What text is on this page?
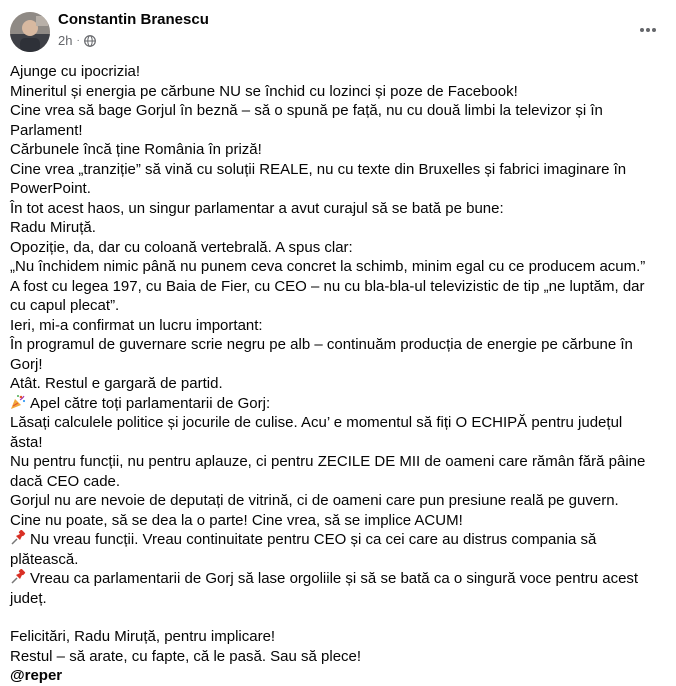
Constantin Branescu
2h ·
Ajunge cu ipocrizia!
Mineritul și energia pe cărbune NU se închid cu lozinci și poze de Facebook!
Cine vrea să bage Gorjul în beznă – să o spună pe față, nu cu două limbi la televizor și în Parlament!
Cărbunele încă ține România în priză!
Cine vrea „tranziție” să vină cu soluții REALE, nu cu texte din Bruxelles și fabrici imaginare în PowerPoint.
În tot acest haos, un singur parlamentar a avut curajul să se bată pe bune:
Radu Miruță.
Opoziție, da, dar cu coloană vertebrală. A spus clar:
„Nu închidem nimic până nu punem ceva concret la schimb, minim egal cu ce producem acum.”
A fost cu legea 197, cu Baia de Fier, cu CEO – nu cu bla-bla-ul televizistic de tip „ne luptăm, dar cu capul plecat”.
Ieri, mi-a confirmat un lucru important:
În programul de guvernare scrie negru pe alb – continuăm producția de energie pe cărbune în Gorj!
Atât. Restul e gargară de partid.
Apel către toți parlamentarii de Gorj:
Lăsați calculele politice și jocurile de culise. Acu’ e momentul să fiți O ECHIPĂ pentru județul ăsta!
Nu pentru funcții, nu pentru aplauze, ci pentru ZECILE DE MII de oameni care rămân fără pâine dacă CEO cade.
Gorjul nu are nevoie de deputați de vitrină, ci de oameni care pun presiune reală pe guvern.
Cine nu poate, să se dea la o parte! Cine vrea, să se implice ACUM!
Nu vreau funcții. Vreau continuitate pentru CEO și ca cei care au distrus compania să plătească.
Vreau ca parlamentarii de Gorj să lase orgoliile și să se bată ca o singură voce pentru acest județ.
Felicitări, Radu Miruță, pentru implicare!
Restul – să arate, cu fapte, că le pasă. Sau să plece!
@reper
